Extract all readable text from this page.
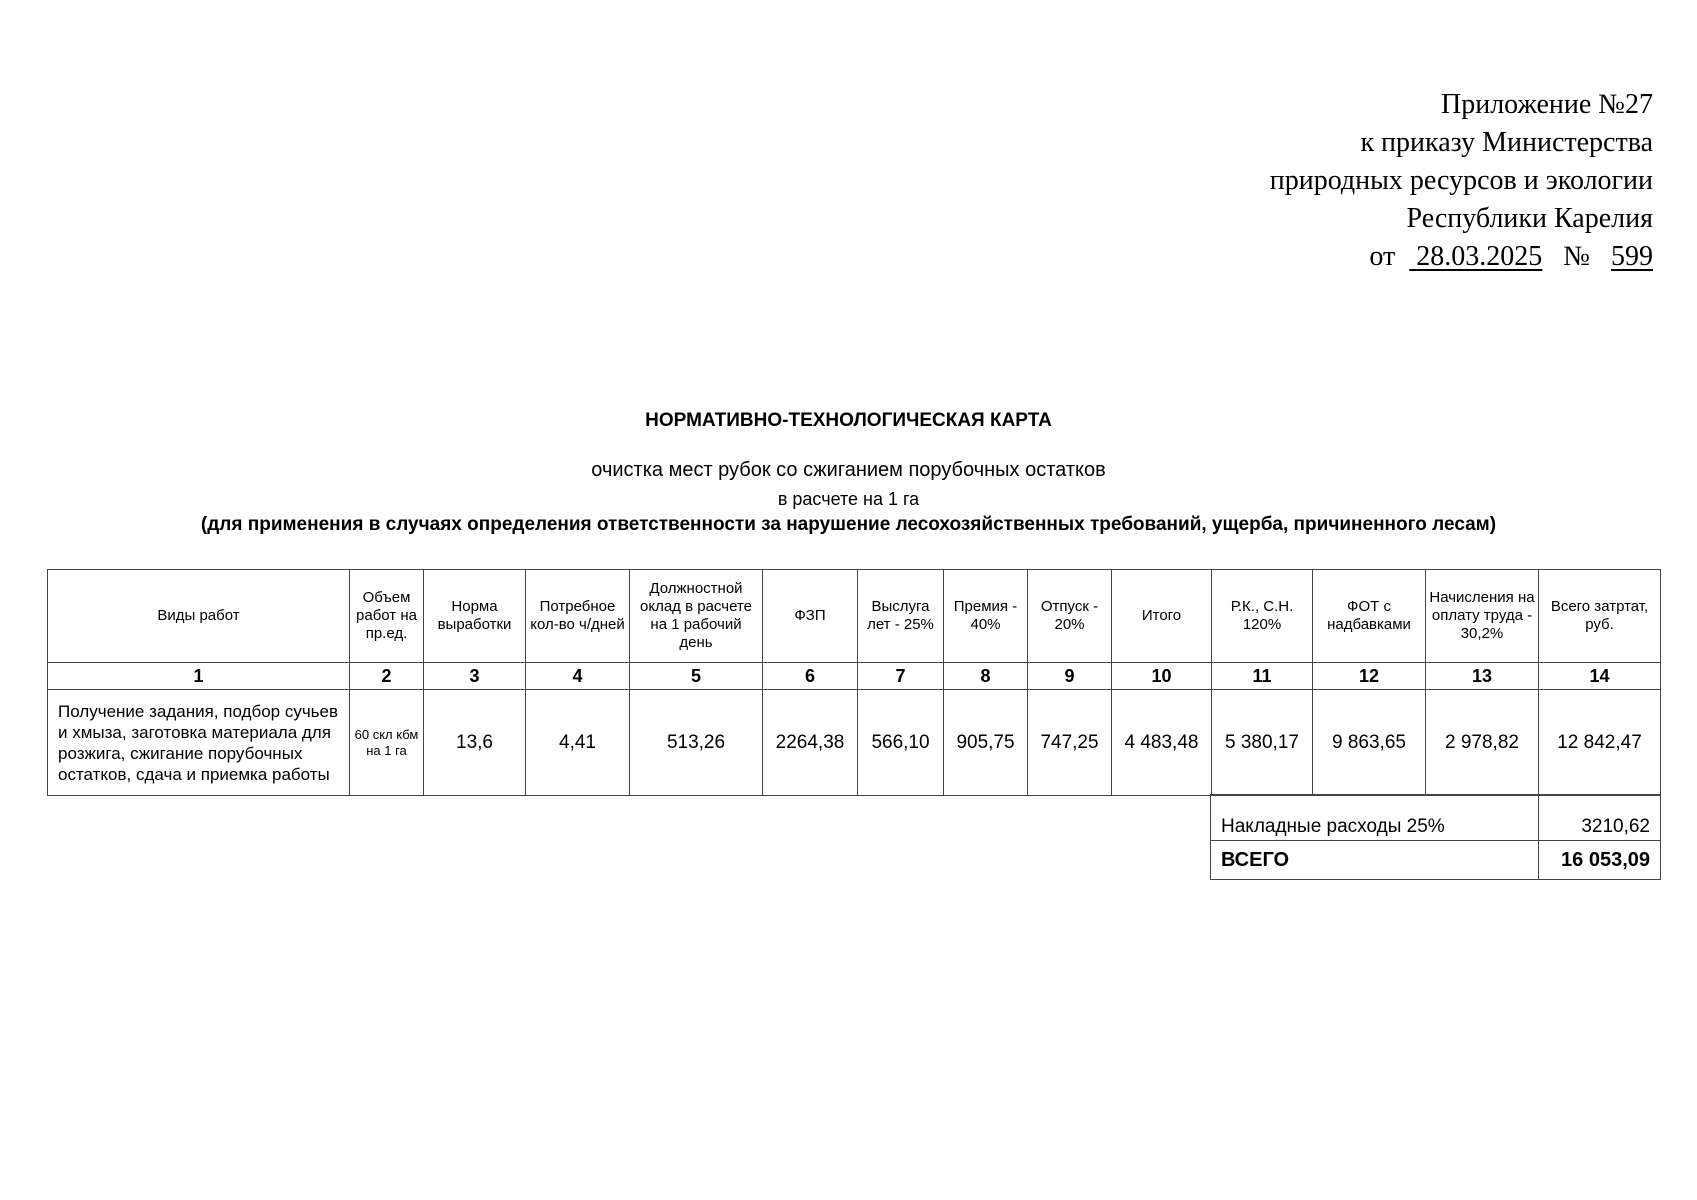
Приложение №27
к приказу Министерства
природных ресурсов и экологии
Республики Карелия
от 28.03.2025 № 599
НОРМАТИВНО-ТЕХНОЛОГИЧЕСКАЯ КАРТА
очистка мест рубок со сжиганием порубочных остатков
в расчете на 1 га
(для применения в случаях определения ответственности за нарушение лесохозяйственных требований, ущерба, причиненного лесам)
Виды работ	Объем работ на пр.ед.	Норма выработки	Потребное кол-во ч/дней	Должностной оклад в расчете на 1 рабочий день	ФЗП	Выслуга лет - 25%	Премия - 40%	Отпуск - 20%	Итого	Р.К., С.Н. 120%	ФОТ с надбавками	Начисления на оплату труда - 30,2%	Всего затртат, руб.
1	2	3	4	5	6	7	8	9	10	11	12	13	14
Получение задания, подбор сучьев и хмыза, заготовка материала для розжига, сжигание порубочных остатков, сдача и приемка работы	60 скл кбм на 1 га	13,6	4,41	513,26	2264,38	566,10	905,75	747,25	4 483,48	5 380,17	9 863,65	2 978,82	12 842,47
Накладные расходы 25%	3210,62
ВСЕГО	16 053,09
